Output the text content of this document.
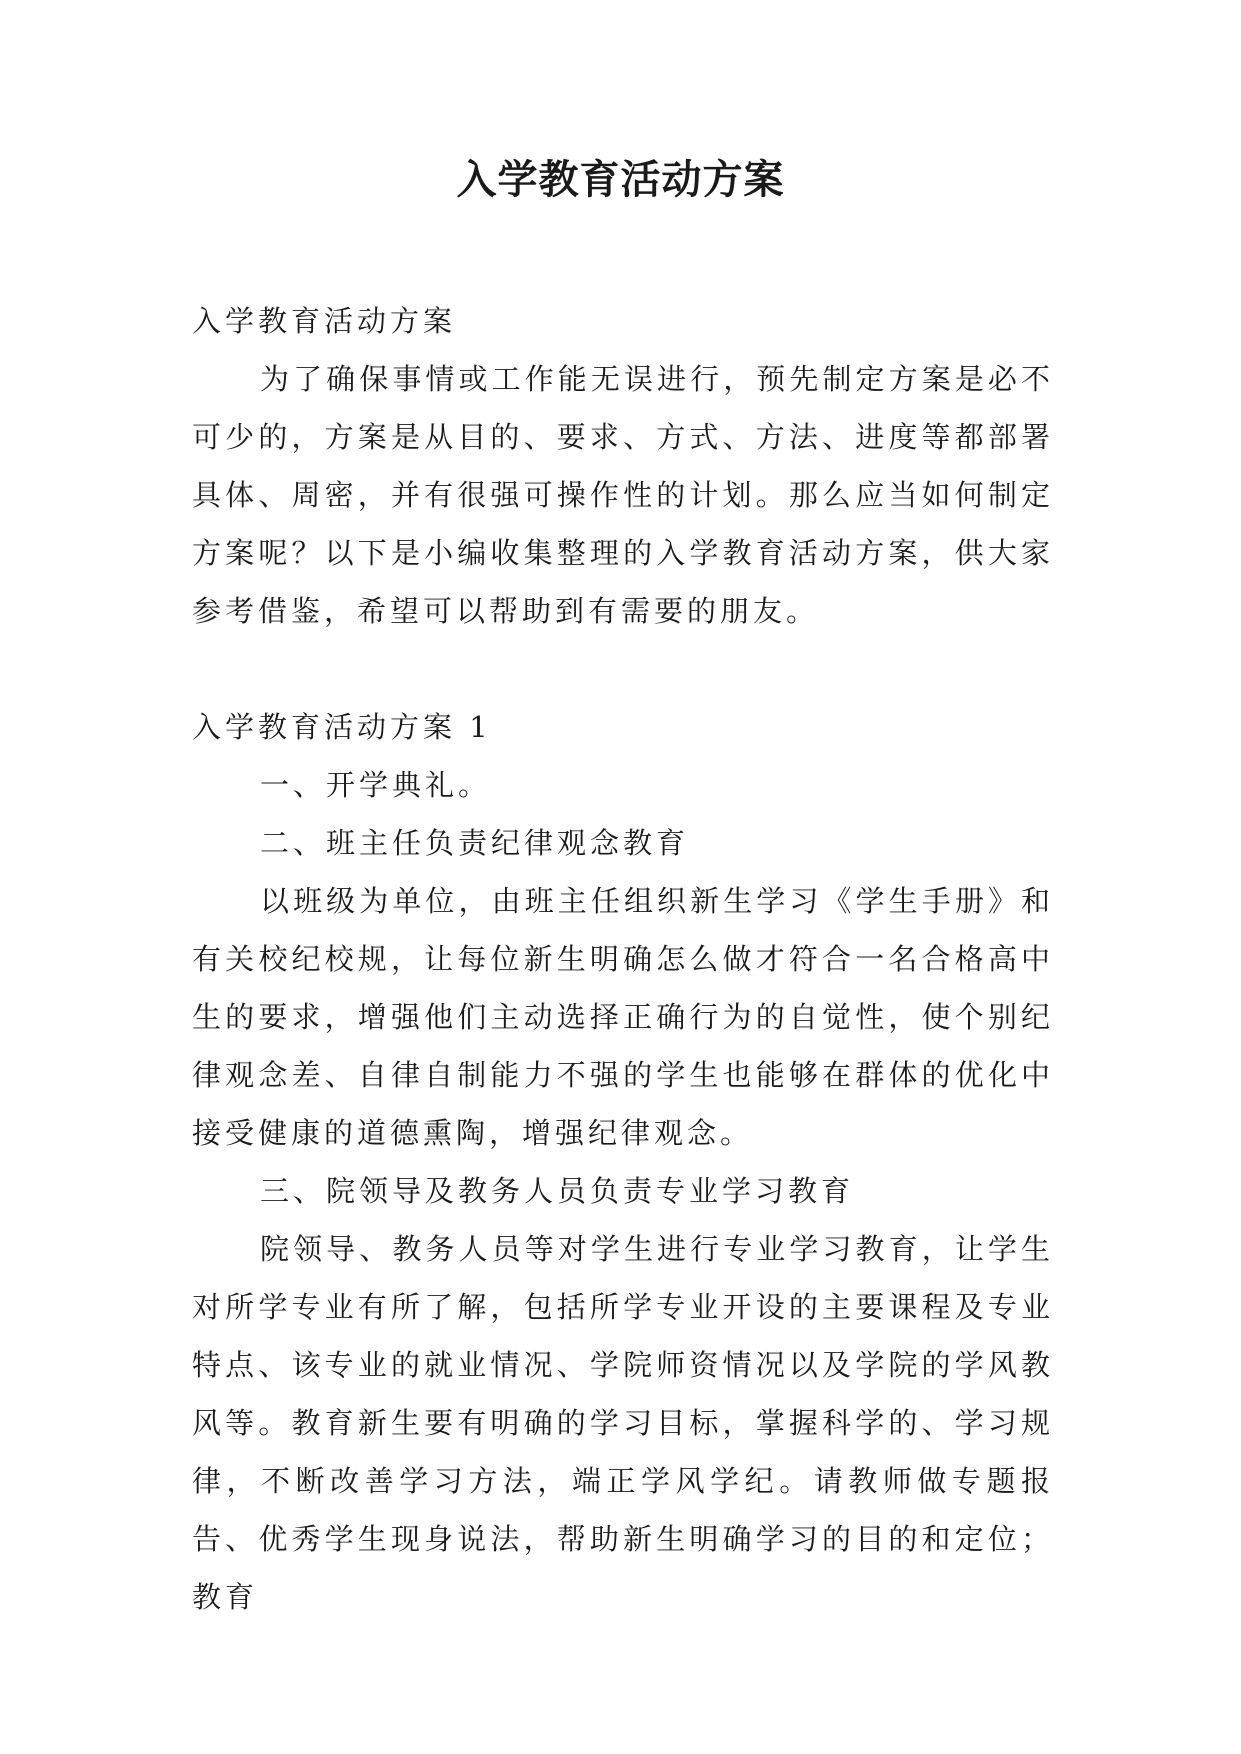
入学教育活动方案

入学教育活动方案

为了确保事情或工作能无误进行，预先制定方案是必不可少的，方案是从目的、要求、方式、方法、进度等都部署具体、周密，并有很强可操作性的计划。那么应当如何制定方案呢？以下是小编收集整理的入学教育活动方案，供大家参考借鉴，希望可以帮助到有需要的朋友。

入学教育活动方案 1

一、开学典礼。

二、班主任负责纪律观念教育

以班级为单位，由班主任组织新生学习《学生手册》和有关校纪校规，让每位新生明确怎么做才符合一名合格高中生的要求，增强他们主动选择正确行为的自觉性，使个别纪律观念差、自律自制能力不强的学生也能够在群体的优化中接受健康的道德熏陶，增强纪律观念。

三、院领导及教务人员负责专业学习教育

院领导、教务人员等对学生进行专业学习教育，让学生对所学专业有所了解，包括所学专业开设的主要课程及专业特点、该专业的就业情况、学院师资情况以及学院的学风教风等。教育新生要有明确的学习目标，掌握科学的、学习规律，不断改善学习方法，端正学风学纪。请教师做专题报告、优秀学生现身说法，帮助新生明确学习的目的和定位；教育
